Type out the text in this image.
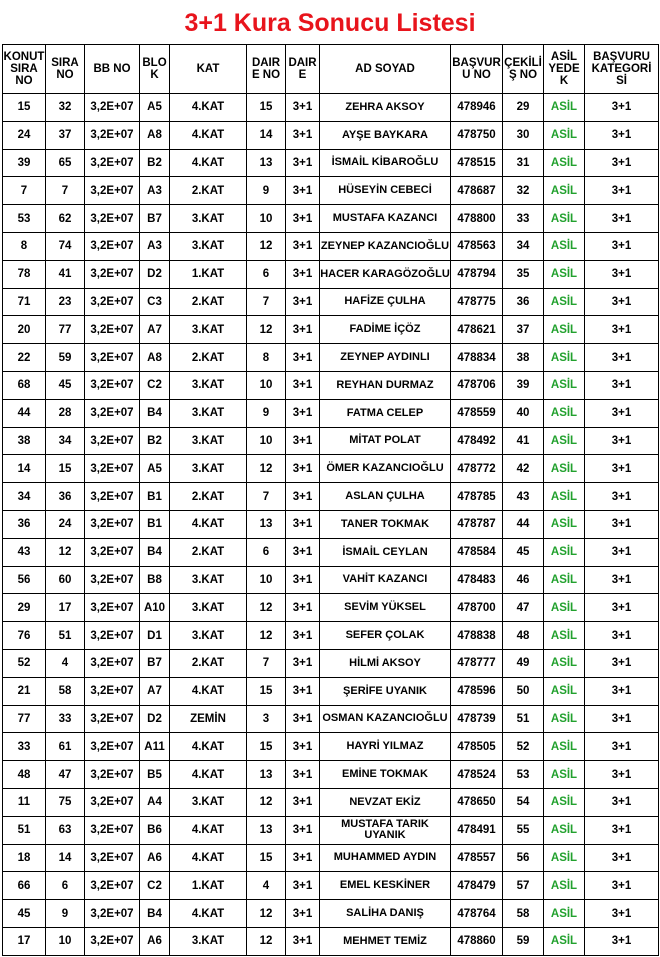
3+1 Kura Sonucu Listesi
KONUT SIRA NO	SIRA NO	BB NO	BLO K	KAT	DAIR E NO	DAIR E	AD SOYAD	BAŞVUR U NO	ÇEKİLİ Ş NO	ASİL YEDE K	BAŞVURU KATEGORİ Sİ
15	32	3,2E+07	A5	4.KAT	15	3+1	ZEHRA AKSOY	478946	29	ASİL	3+1
24	37	3,2E+07	A8	4.KAT	14	3+1	AYŞE BAYKARA	478750	30	ASİL	3+1
39	65	3,2E+07	B2	4.KAT	13	3+1	İSMAİL KİBAROĞLU	478515	31	ASİL	3+1
7	7	3,2E+07	A3	2.KAT	9	3+1	HÜSEYİN CEBECİ	478687	32	ASİL	3+1
53	62	3,2E+07	B7	3.KAT	10	3+1	MUSTAFA KAZANCI	478800	33	ASİL	3+1
8	74	3,2E+07	A3	3.KAT	12	3+1	ZEYNEP KAZANCIOĞLU	478563	34	ASİL	3+1
78	41	3,2E+07	D2	1.KAT	6	3+1	HACER KARAGÖZOĞLU	478794	35	ASİL	3+1
71	23	3,2E+07	C3	2.KAT	7	3+1	HAFİZE ÇULHA	478775	36	ASİL	3+1
20	77	3,2E+07	A7	3.KAT	12	3+1	FADİME İÇÖZ	478621	37	ASİL	3+1
22	59	3,2E+07	A8	2.KAT	8	3+1	ZEYNEP AYDINLI	478834	38	ASİL	3+1
68	45	3,2E+07	C2	3.KAT	10	3+1	REYHAN DURMAZ	478706	39	ASİL	3+1
44	28	3,2E+07	B4	3.KAT	9	3+1	FATMA CELEP	478559	40	ASİL	3+1
38	34	3,2E+07	B2	3.KAT	10	3+1	MİTAT POLAT	478492	41	ASİL	3+1
14	15	3,2E+07	A5	3.KAT	12	3+1	ÖMER KAZANCIOĞLU	478772	42	ASİL	3+1
34	36	3,2E+07	B1	2.KAT	7	3+1	ASLAN ÇULHA	478785	43	ASİL	3+1
36	24	3,2E+07	B1	4.KAT	13	3+1	TANER TOKMAK	478787	44	ASİL	3+1
43	12	3,2E+07	B4	2.KAT	6	3+1	İSMAİL CEYLAN	478584	45	ASİL	3+1
56	60	3,2E+07	B8	3.KAT	10	3+1	VAHİT KAZANCI	478483	46	ASİL	3+1
29	17	3,2E+07	A10	3.KAT	12	3+1	SEVİM YÜKSEL	478700	47	ASİL	3+1
76	51	3,2E+07	D1	3.KAT	12	3+1	SEFER ÇOLAK	478838	48	ASİL	3+1
52	4	3,2E+07	B7	2.KAT	7	3+1	HİLMİ AKSOY	478777	49	ASİL	3+1
21	58	3,2E+07	A7	4.KAT	15	3+1	ŞERİFE UYANIK	478596	50	ASİL	3+1
77	33	3,2E+07	D2	ZEMİN	3	3+1	OSMAN KAZANCIOĞLU	478739	51	ASİL	3+1
33	61	3,2E+07	A11	4.KAT	15	3+1	HAYRİ YILMAZ	478505	52	ASİL	3+1
48	47	3,2E+07	B5	4.KAT	13	3+1	EMİNE TOKMAK	478524	53	ASİL	3+1
11	75	3,2E+07	A4	3.KAT	12	3+1	NEVZAT EKİZ	478650	54	ASİL	3+1
51	63	3,2E+07	B6	4.KAT	13	3+1	MUSTAFA TARIK UYANIK	478491	55	ASİL	3+1
18	14	3,2E+07	A6	4.KAT	15	3+1	MUHAMMED AYDIN	478557	56	ASİL	3+1
66	6	3,2E+07	C2	1.KAT	4	3+1	EMEL KESKİNER	478479	57	ASİL	3+1
45	9	3,2E+07	B4	4.KAT	12	3+1	SALİHA DANIŞ	478764	58	ASİL	3+1
17	10	3,2E+07	A6	3.KAT	12	3+1	MEHMET TEMİZ	478860	59	ASİL	3+1
